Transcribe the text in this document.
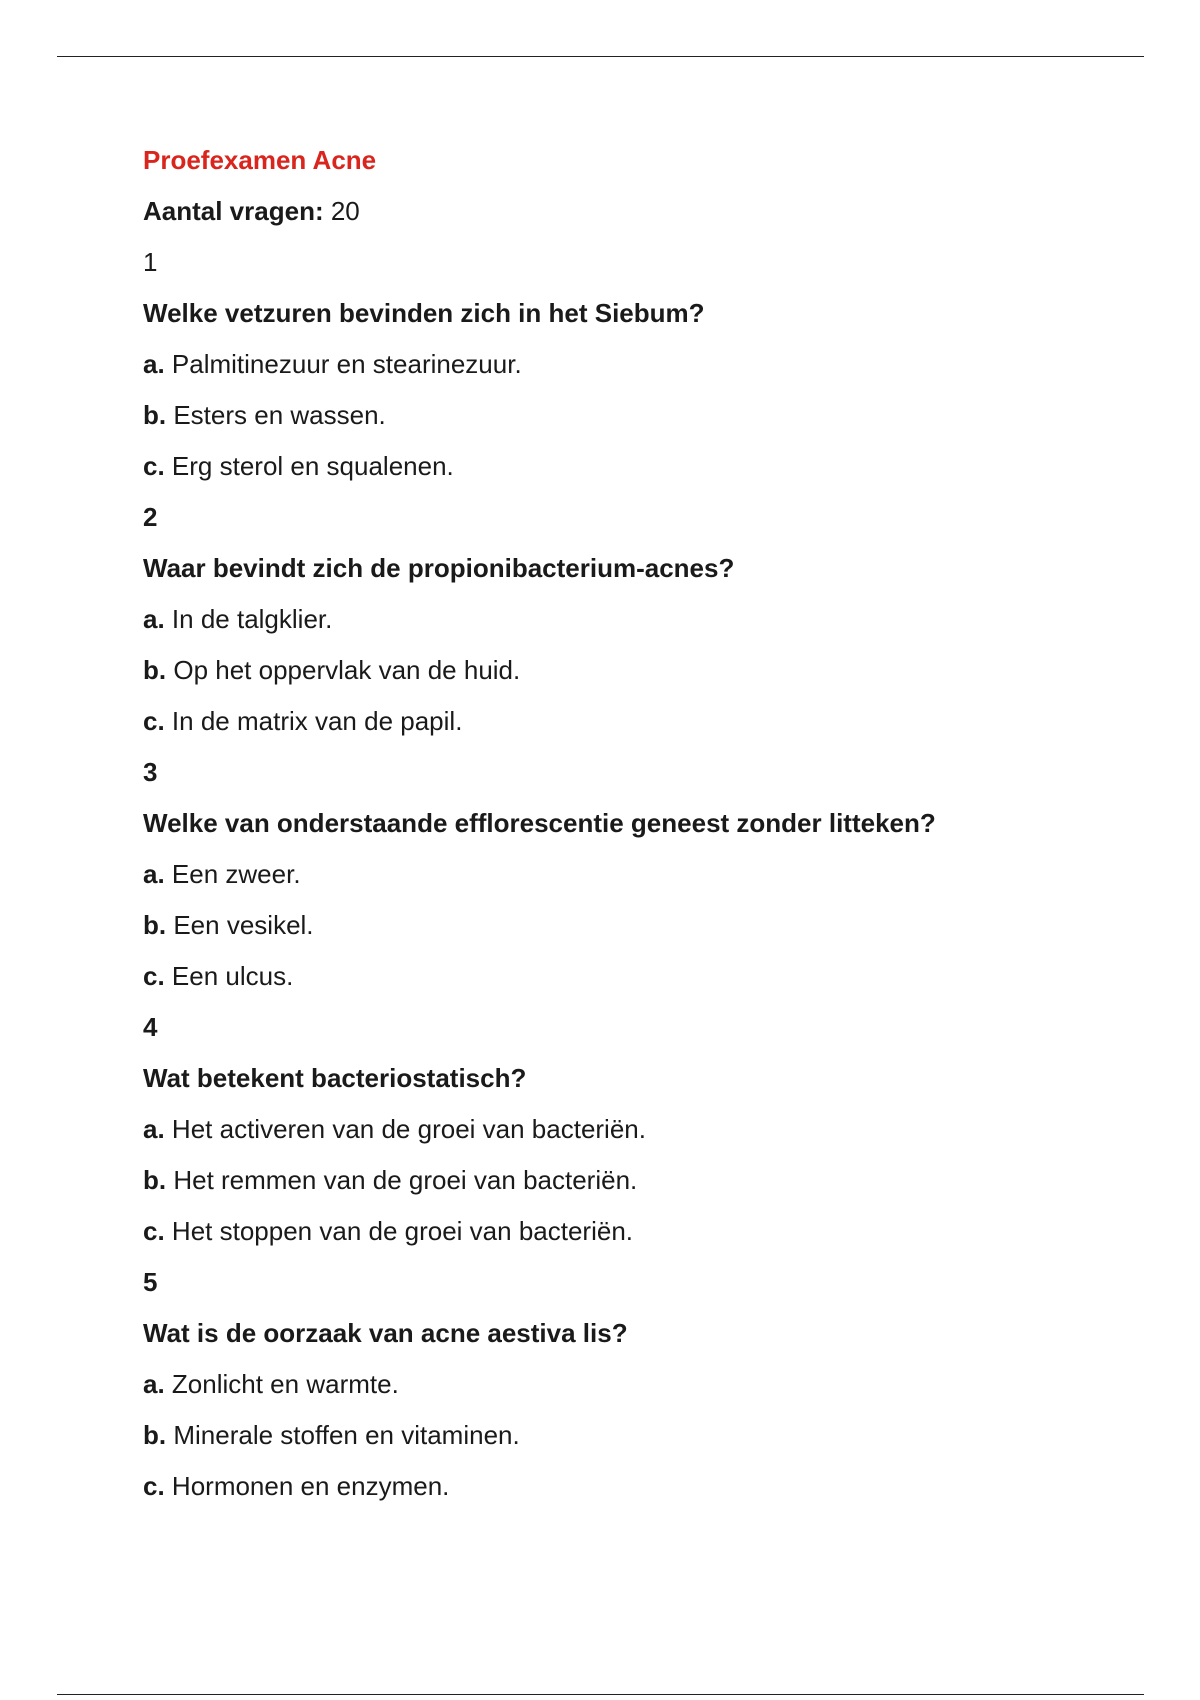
Proefexamen Acne
Aantal vragen: 20
1
Welke vetzuren bevinden zich in het Siebum?
a. Palmitinezuur en stearinezuur.
b. Esters en wassen.
c. Erg sterol en squalenen.
2
Waar bevindt zich de propionibacterium-acnes?
a. In de talgklier.
b. Op het oppervlak van de huid.
c. In de matrix van de papil.
3
Welke van onderstaande efflorescentie geneest zonder litteken?
a. Een zweer.
b. Een vesikel.
c. Een ulcus.
4
Wat betekent bacteriostatisch?
a. Het activeren van de groei van bacteriën.
b. Het remmen van de groei van bacteriën.
c. Het stoppen van de groei van bacteriën.
5
Wat is de oorzaak van acne aestiva lis?
a. Zonlicht en warmte.
b. Minerale stoffen en vitaminen.
c. Hormonen en enzymen.
